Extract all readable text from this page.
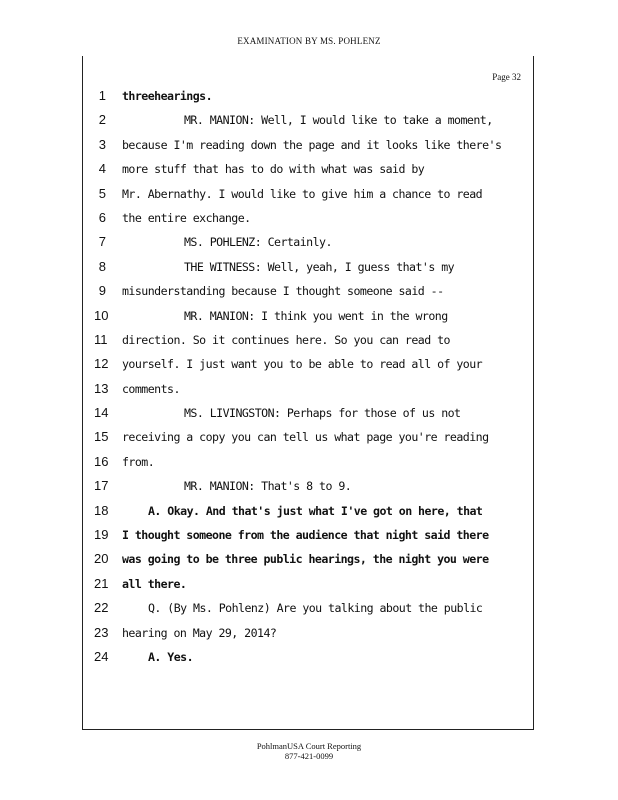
EXAMINATION BY MS. POHLENZ
Page 32
1
2
3
4
5
6
7
8
9
10
11
12
13
14
15
16
17
18
19
20
21
22
23
24
threehearings.
MR. MANION: Well, I would like to take a moment,
because I'm reading down the page and it looks like there's
more stuff that has to do with what was said by
Mr. Abernathy. I would like to give him a chance to read
the entire exchange.
MS. POHLENZ: Certainly.
THE WITNESS: Well, yeah, I guess that's my
misunderstanding because I thought someone said --
MR. MANION: I think you went in the wrong
direction. So it continues here. So you can read to
yourself. I just want you to be able to read all of your
comments.
MS. LIVINGSTON: Perhaps for those of us not
receiving a copy you can tell us what page you're reading
from.
MR. MANION: That's 8 to 9.
A. Okay. And that's just what I've got on here, that
I thought someone from the audience that night said there
was going to be three public hearings, the night you were
all there.
Q. (By Ms. Pohlenz) Are you talking about the public
hearing on May 29, 2014?
A. Yes.
PohlmanUSA Court Reporting
877-421-0099
